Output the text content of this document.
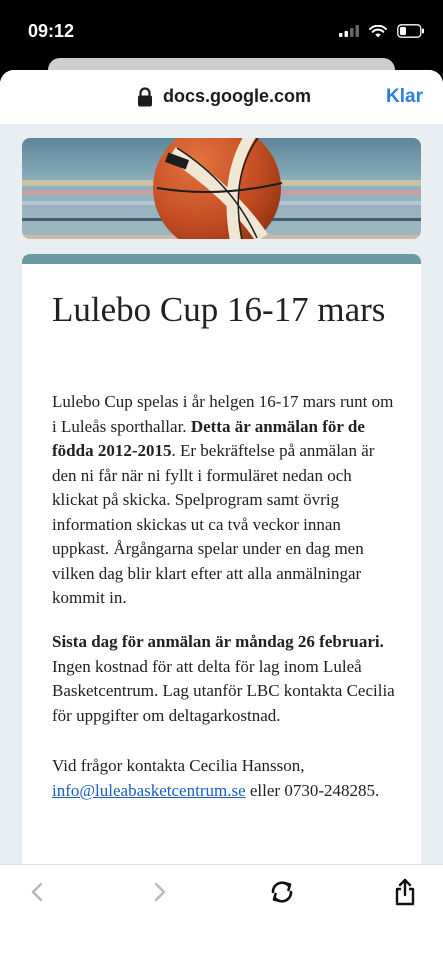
09:12
docs.google.com	Klar
Lulebo Cup 16-17 mars

Lulebo Cup spelas i år helgen 16-17 mars runt om i Luleås sporthallar. Detta är anmälan för de födda 2012-2015. Er bekräftelse på anmälan är den ni får när ni fyllt i formuläret nedan och klickat på skicka. Spelprogram samt övrig information skickas ut ca två veckor innan uppkast. Årgångarna spelar under en dag men vilken dag blir klart efter att alla anmälningar kommit in.

Sista dag för anmälan är måndag 26 februari. Ingen kostnad för att delta för lag inom Luleå Basketcentrum. Lag utanför LBC kontakta Cecilia för uppgifter om deltagarkostnad.

Vid frågor kontakta Cecilia Hansson, info@luleabasketcentrum.se eller 0730-248285.
